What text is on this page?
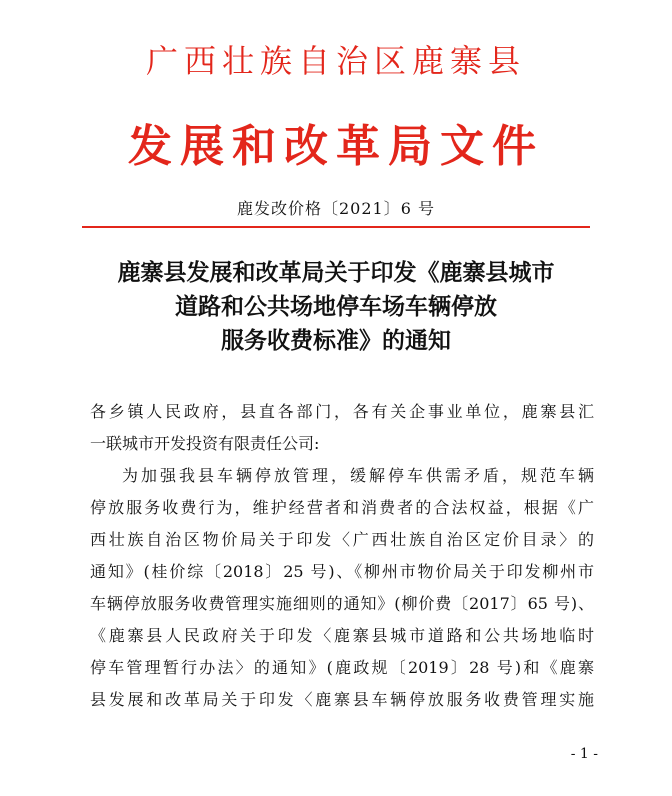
广西壮族自治区鹿寨县
发展和改革局文件
鹿发改价格〔2021〕6 号
鹿寨县发展和改革局关于印发《鹿寨县城市
道路和公共场地停车场车辆停放
服务收费标准》的通知
各乡镇人民政府，县直各部门，各有关企事业单位，鹿寨县汇
一联城市开发投资有限责任公司:
为加强我县车辆停放管理，缓解停车供需矛盾，规范车辆
停放服务收费行为，维护经营者和消费者的合法权益，根据《广
西壮族自治区物价局关于印发〈广西壮族自治区定价目录〉的
通知》(桂价综〔2018〕25 号)、《柳州市物价局关于印发柳州市
车辆停放服务收费管理实施细则的通知》(柳价费〔2017〕65 号)、
《鹿寨县人民政府关于印发〈鹿寨县城市道路和公共场地临时
停车管理暂行办法〉的通知》(鹿政规〔2019〕28 号)和《鹿寨
县发展和改革局关于印发〈鹿寨县车辆停放服务收费管理实施
- 1 -
